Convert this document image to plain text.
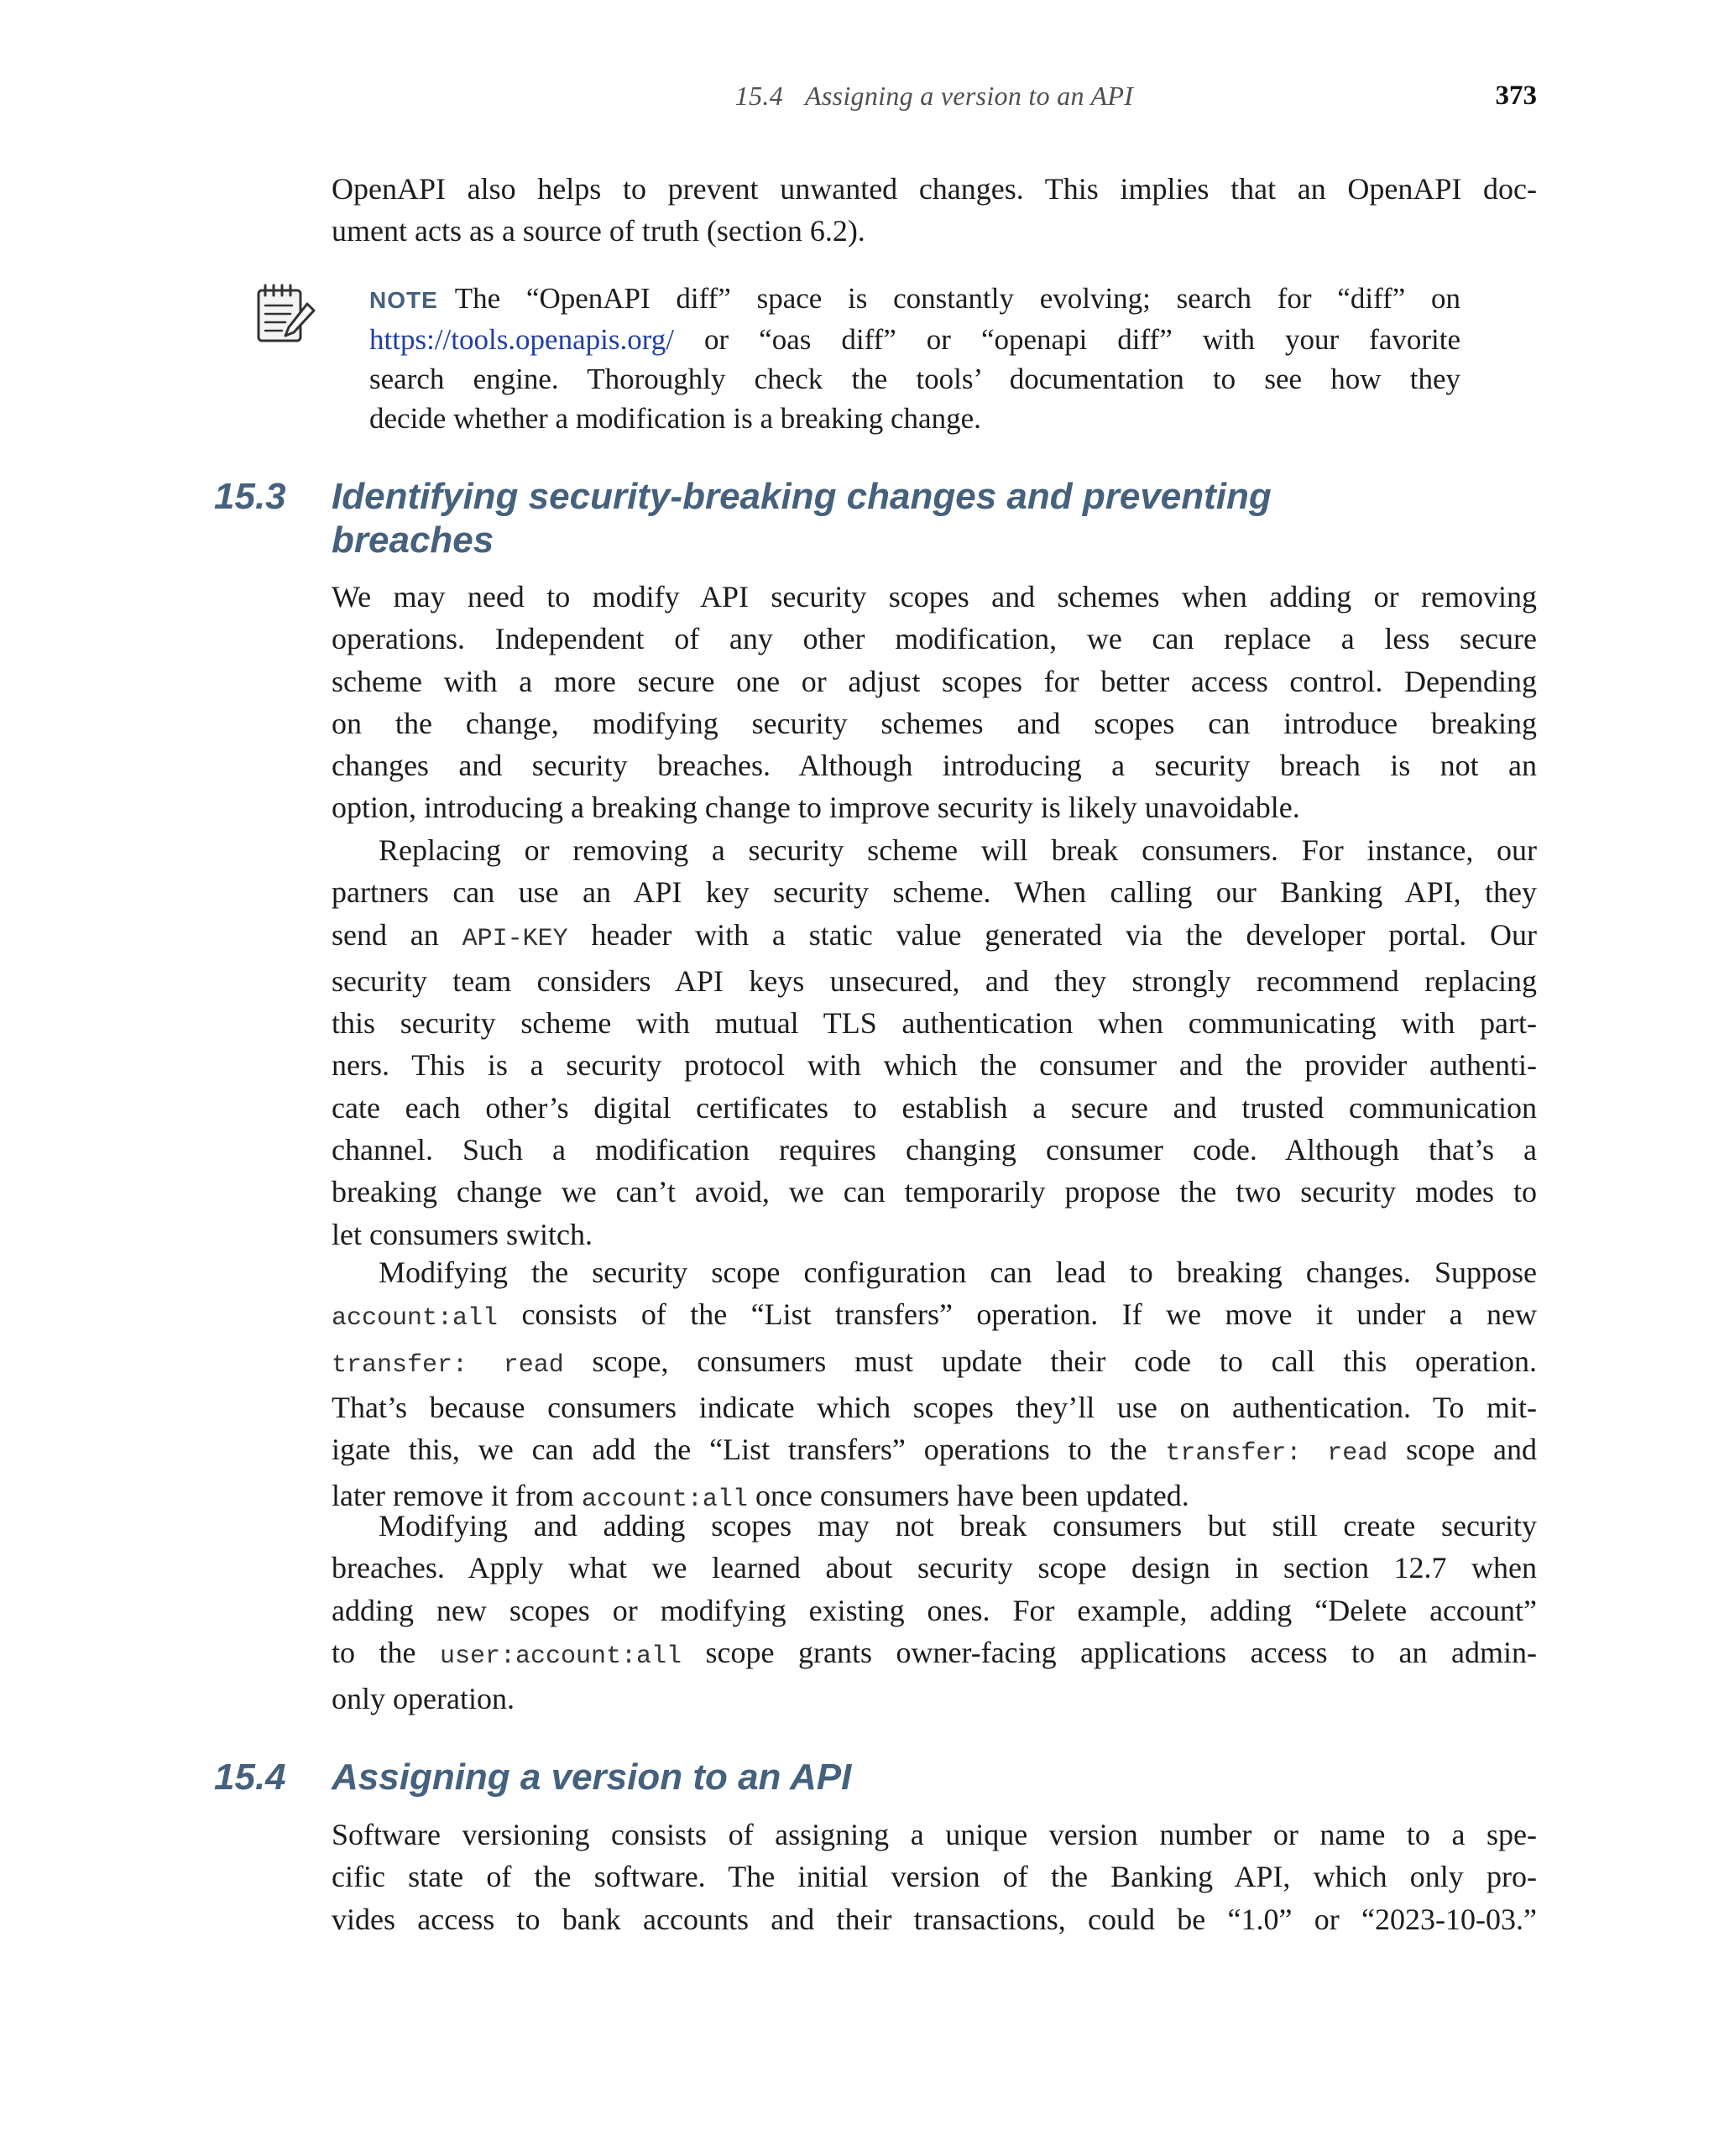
15.4 Assigning a version to an API	373

OpenAPI also helps to prevent unwanted changes. This implies that an OpenAPI doc-
ument acts as a source of truth (section 6.2).

NOTE The “OpenAPI diff” space is constantly evolving; search for “diff” on
https://tools.openapis.org/ or “oas diff” or “openapi diff” with your favorite
search engine. Thoroughly check the tools’ documentation to see how they
decide whether a modification is a breaking change.

15.3	Identifying security-breaking changes and preventing
breaches

We may need to modify API security scopes and schemes when adding or removing
operations. Independent of any other modification, we can replace a less secure
scheme with a more secure one or adjust scopes for better access control. Depending
on the change, modifying security schemes and scopes can introduce breaking
changes and security breaches. Although introducing a security breach is not an
option, introducing a breaking change to improve security is likely unavoidable.

Replacing or removing a security scheme will break consumers. For instance, our
partners can use an API key security scheme. When calling our Banking API, they
send an API-KEY header with a static value generated via the developer portal. Our
security team considers API keys unsecured, and they strongly recommend replacing
this security scheme with mutual TLS authentication when communicating with part-
ners. This is a security protocol with which the consumer and the provider authenti-
cate each other’s digital certificates to establish a secure and trusted communication
channel. Such a modification requires changing consumer code. Although that’s a
breaking change we can’t avoid, we can temporarily propose the two security modes to
let consumers switch.

Modifying the security scope configuration can lead to breaking changes. Suppose
account:all consists of the “List transfers” operation. If we move it under a new
transfer: read scope, consumers must update their code to call this operation.
That’s because consumers indicate which scopes they’ll use on authentication. To mit-
igate this, we can add the “List transfers” operations to the transfer: read scope and
later remove it from account:all once consumers have been updated.

Modifying and adding scopes may not break consumers but still create security
breaches. Apply what we learned about security scope design in section 12.7 when
adding new scopes or modifying existing ones. For example, adding “Delete account”
to the user:account:all scope grants owner-facing applications access to an admin-
only operation.

15.4	Assigning a version to an API

Software versioning consists of assigning a unique version number or name to a spe-
cific state of the software. The initial version of the Banking API, which only pro-
vides access to bank accounts and their transactions, could be “1.0” or “2023-10-03.”
